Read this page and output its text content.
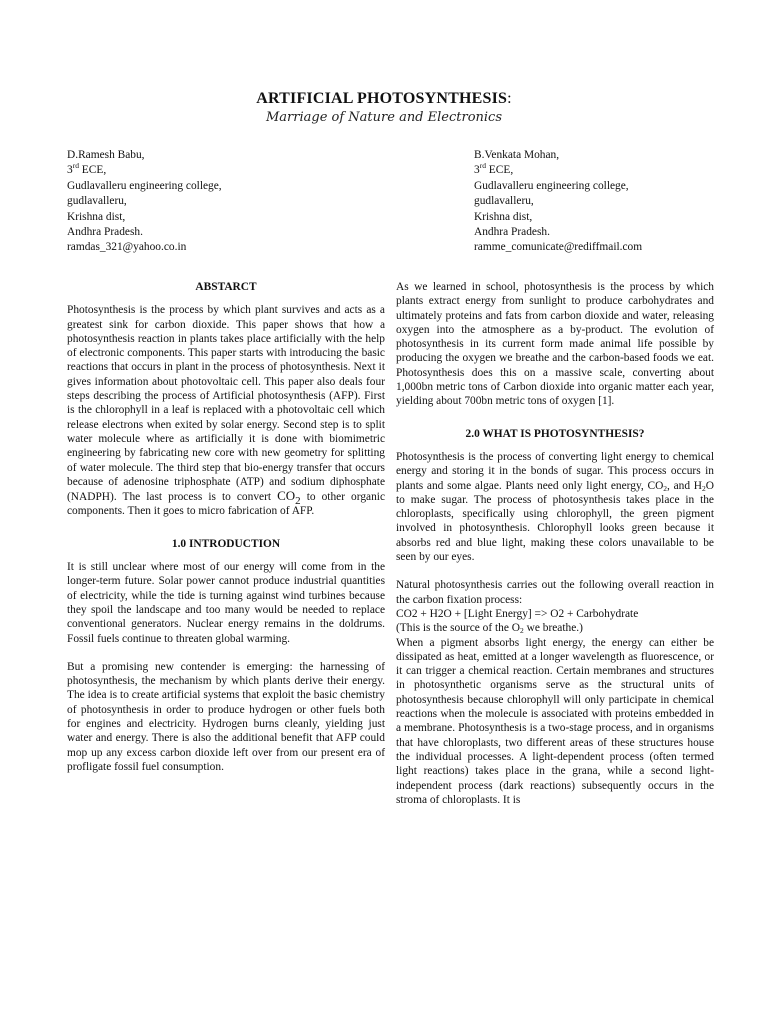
ARTIFICIAL PHOTOSYNTHESIS:
Marriage of Nature and Electronics
D.Ramesh Babu,
3rd ECE,
Gudlavalleru engineering college,
gudlavalleru,
Krishna dist,
Andhra Pradesh.
ramdas_321@yahoo.co.in
B.Venkata Mohan,
3rd ECE,
Gudlavalleru engineering college,
gudlavalleru,
Krishna dist,
Andhra Pradesh.
ramme_comunicate@rediffmail.com
ABSTARCT

Photosynthesis is the process by which plant survives and acts as a greatest sink for carbon dioxide. This paper shows that how a photosynthesis reaction in plants takes place artificially with the help of electronic components. This paper starts with introducing the basic reactions that occurs in plant in the process of photosynthesis. Next it gives information about photovoltaic cell. This paper also deals four steps describing the process of Artificial photosynthesis (AFP). First is the chlorophyll in a leaf is replaced with a photovoltaic cell which release electrons when exited by solar energy. Second step is to split water molecule where as artificially it is done with biomimetric engineering by fabricating new core with new geometry for splitting of water molecule. The third step that bio-energy transfer that occurs because of adenosine triphosphate (ATP) and sodium diphosphate (NADPH). The last process is to convert $CO_2$ to other organic components. Then it goes to micro fabrication of AFP.

1.0 INTRODUCTION

It is still unclear where most of our energy will come from in the longer-term future. Solar power cannot produce industrial quantities of electricity, while the tide is turning against wind turbines because they spoil the landscape and too many would be needed to replace conventional generators. Nuclear energy remains in the doldrums. Fossil fuels continue to threaten global warming.

But a promising new contender is emerging: the harnessing of photosynthesis, the mechanism by which plants derive their energy. The idea is to create artificial systems that exploit the basic chemistry of photosynthesis in order to produce hydrogen or other fuels both for engines and electricity. Hydrogen burns cleanly, yielding just water and energy. There is also the additional benefit that AFP could mop up any excess carbon dioxide left over from our present era of profligate fossil fuel consumption.

As we learned in school, photosynthesis is the process by which plants extract energy from sunlight to produce carbohydrates and ultimately proteins and fats from carbon dioxide and water, releasing oxygen into the atmosphere as a by-product. The evolution of photosynthesis in its current form made animal life possible by producing the oxygen we breathe and the carbon-based foods we eat. Photosynthesis does this on a massive scale, converting about 1,000bn metric tons of Carbon dioxide into organic matter each year, yielding about 700bn metric tons of oxygen [1].

2.0 WHAT IS PHOTOSYNTHESIS?

Photosynthesis is the process of converting light energy to chemical energy and storing it in the bonds of sugar. This process occurs in plants and some algae. Plants need only light energy, $CO_2$, and $H_2O$ to make sugar. The process of photosynthesis takes place in the chloroplasts, specifically using chlorophyll, the green pigment involved in photosynthesis. Chlorophyll looks green because it absorbs red and blue light, making these colors unavailable to be seen by our eyes.

Natural photosynthesis carries out the following overall reaction in the carbon fixation process:

CO2 + H2O + [Light Energy] => O2 + Carbohydrate

(This is the source of the $O_2$ we breathe.)

When a pigment absorbs light energy, the energy can either be dissipated as heat, emitted at a longer wavelength as fluorescence, or it can trigger a chemical reaction. Certain membranes and structures in photosynthetic organisms serve as the structural units of photosynthesis because chlorophyll will only participate in chemical reactions when the molecule is associated with proteins embedded in a membrane. Photosynthesis is a two-stage process, and in organisms that have chloroplasts, two different areas of these structures house the individual processes. A light-dependent process (often termed light reactions) takes place in the grana, while a second light-independent process (dark reactions) subsequently occurs in the stroma of chloroplasts. It is
